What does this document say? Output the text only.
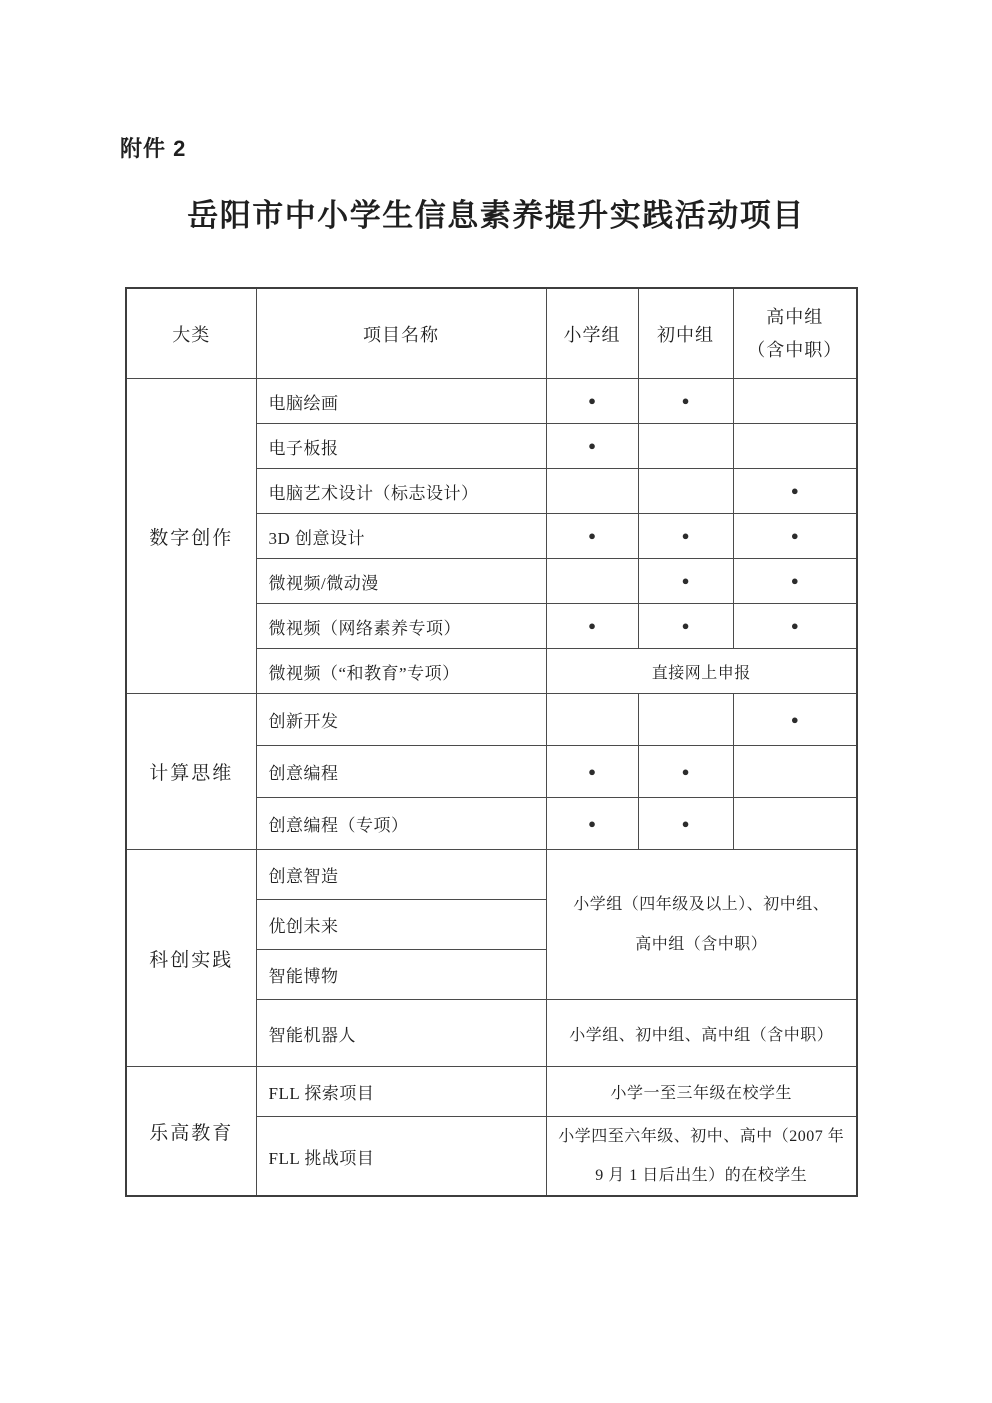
附件 2
岳阳市中小学生信息素养提升实践活动项目
大类	项目名称	小学组	初中组	高中组
（含中职）

数字创作	电脑绘画	●	●	
	电子板报	●		
	电脑艺术设计（标志设计）			●
	3D 创意设计	●	●	●
	微视频/微动漫		●	●
	微视频（网络素养专项）	●	●	●
	微视频（“和教育”专项）	直接网上申报		
计算思维	创新开发			●
	创意编程	●	●	
	创意编程（专项）	●	●	
科创实践	创意智造	小学组（四年级及以上）、初中组、
高中组（含中职）		

	优创未来			
	智能博物			
	智能机器人	小学组、初中组、高中组（含中职）		
乐高教育	FLL 探索项目	小学一至三年级在校学生		
	FLL 挑战项目	小学四至六年级、初中、高中（2007 年
9 月 1 日后出生）的在校学生		
